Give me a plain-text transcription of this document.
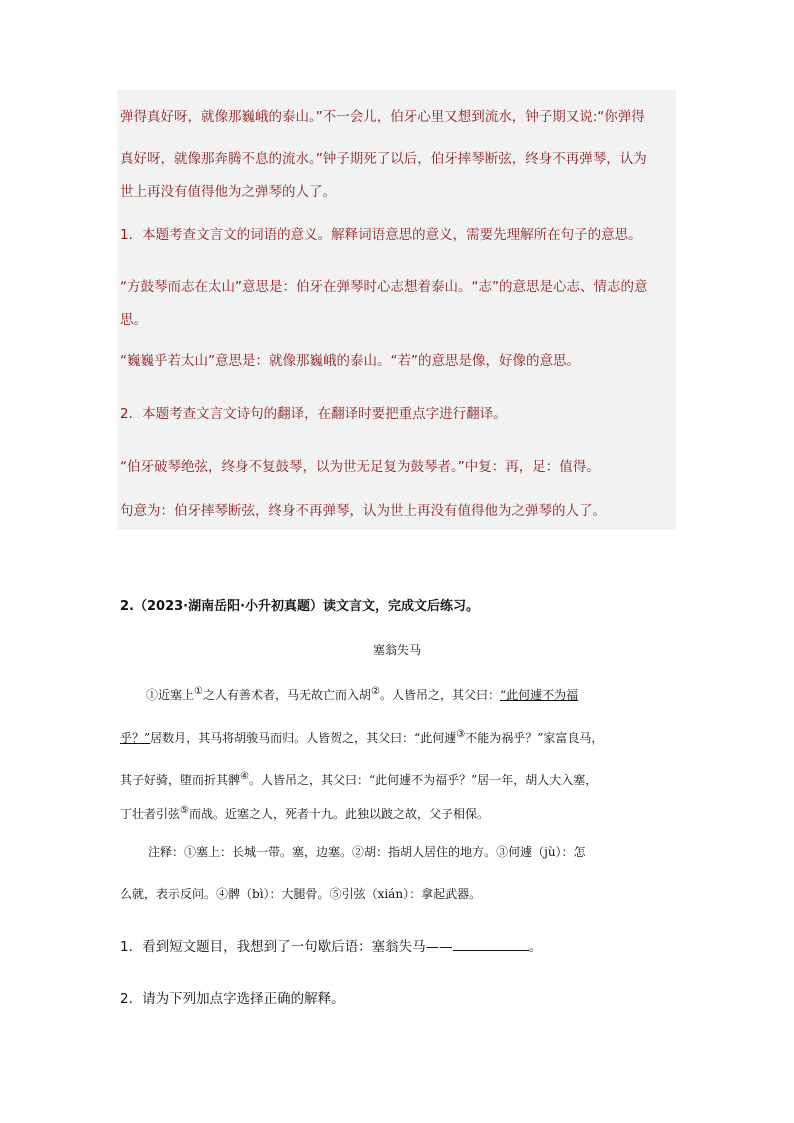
弹得真好呀，就像那巍峨的泰山。”不一会儿，伯牙心里又想到流水，钟子期又说:“你弹得
真好呀，就像那奔腾不息的流水。”钟子期死了以后，伯牙摔琴断弦，终身不再弹琴，认为
世上再没有值得他为之弹琴的人了。
1．本题考查文言文的词语的意义。解释词语意思的意义，需要先理解所在句子的意思。
“方鼓琴而志在太山”意思是：伯牙在弹琴时心志想着泰山。“志”的意思是心志、情志的意
思。
“巍巍乎若太山”意思是：就像那巍峨的泰山。“若”的意思是像，好像的意思。
2．本题考查文言文诗句的翻译，在翻译时要把重点字进行翻译。
“伯牙破琴绝弦，终身不复鼓琴，以为世无足复为鼓琴者。”中复：再，足：值得。
句意为：伯牙摔琴断弦，终身不再弹琴，认为世上再没有值得他为之弹琴的人了。
2.（2023·湖南岳阳·小升初真题）读文言文，完成文后练习。
塞翁失马
①近塞上①之人有善术者，马无故亡而入胡②。人皆吊之，其父曰：“此何遽不为福
乎？”居数月，其马将胡骏马而归。人皆贺之，其父曰：“此何遽③不能为祸乎？”家富良马，
其子好骑，堕而折其髀④。人皆吊之，其父曰：“此何遽不为福乎？”居一年，胡人大入塞，
丁壮者引弦⑤而战。近塞之人，死者十九。此独以跛之故，父子相保。
注释：①塞上：长城一带。塞，边塞。②胡：指胡人居住的地方。③何遽（jù）：怎
么就，表示反问。④髀（bì）：大腿骨。⑤引弦（xián）：拿起武器。
1．看到短文题目，我想到了一句歇后语：塞翁失马——	。
2．请为下列加点字选择正确的解释。
